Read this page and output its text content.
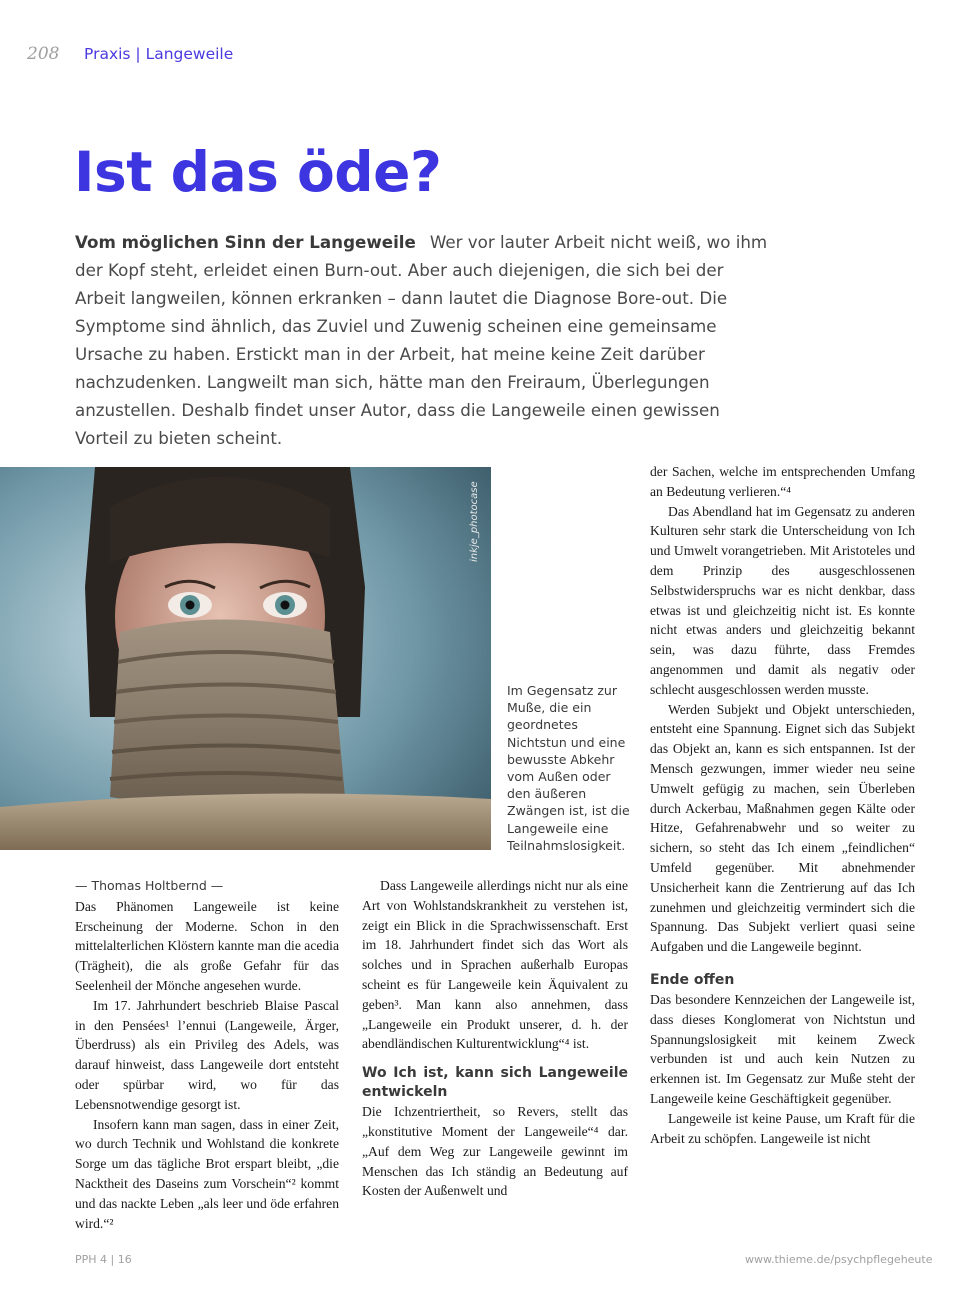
208 Praxis | Langeweile
Ist das öde?
Vom möglichen Sinn der Langeweile Wer vor lauter Arbeit nicht weiß, wo ihm der Kopf steht, erleidet einen Burn-out. Aber auch diejenigen, die sich bei der Arbeit langweilen, können erkranken – dann lautet die Diagnose Bore-out. Die Symptome sind ähnlich, das Zuviel und Zuwenig scheinen eine gemeinsame Ursache zu haben. Erstickt man in der Arbeit, hat meine keine Zeit darüber nachzudenken. Langweilt man sich, hätte man den Freiraum, Überlegungen anzustellen. Deshalb findet unser Autor, dass die Langeweile einen gewissen Vorteil zu bieten scheint.
inkje_photocase
Im Gegensatz zur Muße, die ein geordnetes Nichtstun und eine bewusste Abkehr vom Außen oder den äußeren Zwängen ist, ist die Langeweile eine Teilnahmslosigkeit.
— Thomas Holtbernd —

Das Phänomen Langeweile ist keine Erscheinung der Moderne. Schon in den mittelalterlichen Klöstern kannte man die acedia (Trägheit), die als große Gefahr für das Seelenheil der Mönche angesehen wurde.

Im 17. Jahrhundert beschrieb Blaise Pascal in den Pensées¹ l’ennui (Langeweile, Ärger, Überdruss) als ein Privileg des Adels, was darauf hinweist, dass Langeweile dort entsteht oder spürbar wird, wo für das Lebensnotwendige gesorgt ist.

Insofern kann man sagen, dass in einer Zeit, wo durch Technik und Wohlstand die konkrete Sorge um das tägliche Brot erspart bleibt, „die Nacktheit des Daseins zum Vorschein“² kommt und das nackte Leben „als leer und öde erfahren wird.“²

Dass Langeweile allerdings nicht nur als eine Art von Wohlstandskrankheit zu verstehen ist, zeigt ein Blick in die Sprachwissenschaft. Erst im 18. Jahrhundert findet sich das Wort als solches und in Sprachen außerhalb Europas scheint es für Langeweile kein Äquivalent zu geben³. Man kann also annehmen, dass „Langeweile ein Produkt unserer, d. h. der abendländischen Kulturentwicklung“⁴ ist.

Wo Ich ist, kann sich Langeweile entwickeln

Die Ichzentriertheit, so Revers, stellt das „konstitutive Moment der Langeweile“⁴ dar. „Auf dem Weg zur Langeweile gewinnt im Menschen das Ich ständig an Bedeutung auf Kosten der Außenwelt und

der Sachen, welche im entsprechenden Umfang an Bedeutung verlieren.“⁴

Das Abendland hat im Gegensatz zu anderen Kulturen sehr stark die Unterscheidung von Ich und Umwelt vorangetrieben. Mit Aristoteles und dem Prinzip des ausgeschlossenen Selbstwiderspruchs war es nicht denkbar, dass etwas ist und gleichzeitig nicht ist. Es konnte nicht etwas anders und gleichzeitig bekannt sein, was dazu führte, dass Fremdes angenommen und damit als negativ oder schlecht ausgeschlossen werden musste.

Werden Subjekt und Objekt unterschieden, entsteht eine Spannung. Eignet sich das Subjekt das Objekt an, kann es sich entspannen. Ist der Mensch gezwungen, immer wieder neu seine Umwelt gefügig zu machen, sein Überleben durch Ackerbau, Maßnahmen gegen Kälte oder Hitze, Gefahrenabwehr und so weiter zu sichern, so steht das Ich einem „feindlichen“ Umfeld gegenüber. Mit abnehmender Unsicherheit kann die Zentrierung auf das Ich zunehmen und gleichzeitig vermindert sich die Spannung. Das Subjekt verliert quasi seine Aufgaben und die Langeweile beginnt.

Ende offen

Das besondere Kennzeichen der Langeweile ist, dass dieses Konglomerat von Nichtstun und Spannungslosigkeit mit keinem Zweck verbunden ist und auch kein Nutzen zu erkennen ist. Im Gegensatz zur Muße steht der Langeweile keine Geschäftigkeit gegenüber.

Langeweile ist keine Pause, um Kraft für die Arbeit zu schöpfen. Langeweile ist nicht

PPH 4 | 16	www.thieme.de/psychpflegeheute
